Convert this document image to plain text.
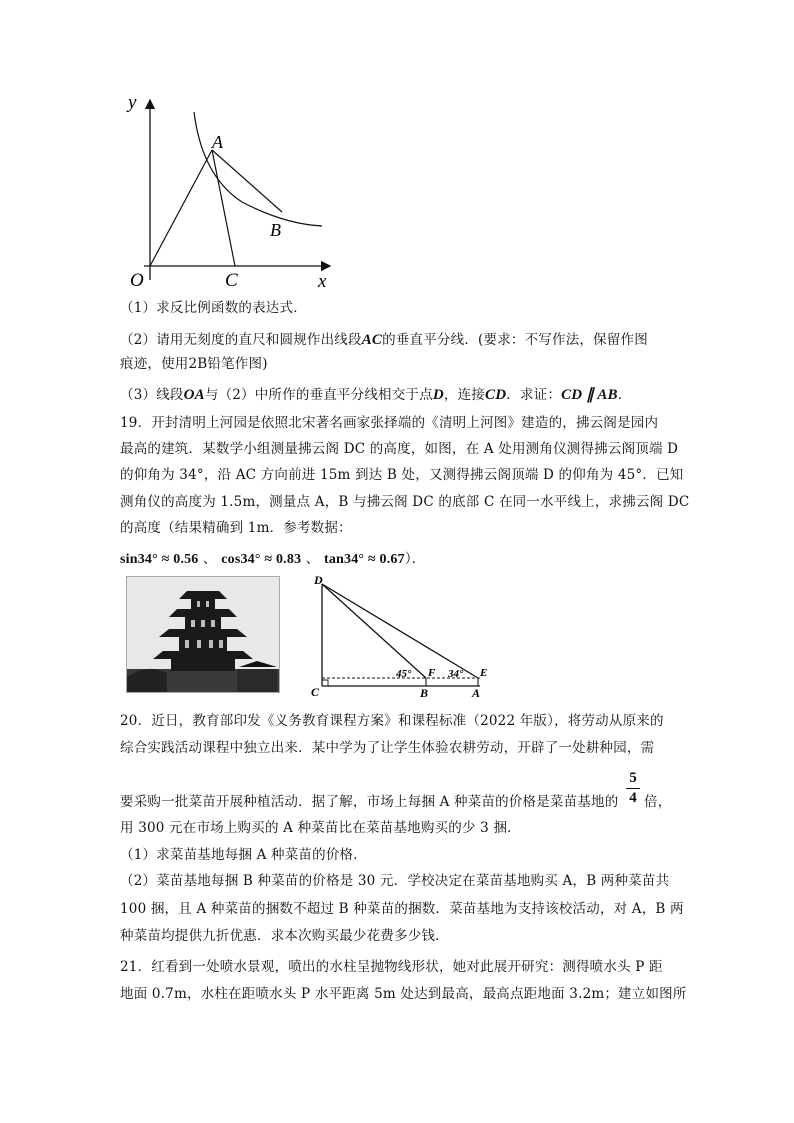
y
x
O
A
B
C
（1）求反比例函数的表达式．
（2）请用无刻度的直尺和圆规作出线段AC的垂直平分线．(要求：不写作法，保留作图
痕迹，使用2B铅笔作图)
（3）线段OA与（2）中所作的垂直平分线相交于点D，连接CD．求证：CD ∥ AB．
19．开封清明上河园是依照北宋著名画家张择端的《清明上河图》建造的，拂云阁是园内
最高的建筑．某数学小组测量拂云阁 DC 的高度，如图，在 A 处用测角仪测得拂云阁顶端 D
的仰角为 34°，沿 AC 方向前进 15m 到达 B 处，又测得拂云阁顶端 D 的仰角为 45°．已知
测角仪的高度为 1.5m，测量点 A，B 与拂云阁 DC 的底部 C 在同一水平线上，求拂云阁 DC
的高度（结果精确到 1m．参考数据：
sin34° ≈ 0.56 、 cos34° ≈ 0.83 、 tan34° ≈ 0.67）．
D
C	B	A
E
F
45°	34°
20．近日，教育部印发《义务教育课程方案》和课程标准（2022 年版），将劳动从原来的
综合实践活动课程中独立出来．某中学为了让学生体验农耕劳动，开辟了一处耕种园，需
要采购一批菜苗开展种植活动．据了解，市场上每捆 A 种菜苗的价格是菜苗基地的
5
4 倍，
用 300 元在市场上购买的 A 种菜苗比在菜苗基地购买的少 3 捆．
（1）求菜苗基地每捆 A 种菜苗的价格．
（2）菜苗基地每捆 B 种菜苗的价格是 30 元．学校决定在菜苗基地购买 A，B 两种菜苗共
100 捆，且 A 种菜苗的捆数不超过 B 种菜苗的捆数．菜苗基地为支持该校活动，对 A，B 两
种菜苗均提供九折优惠．求本次购买最少花费多少钱．
21．红看到一处喷水景观，喷出的水柱呈抛物线形状，她对此展开研究：测得喷水头 P 距
地面 0.7m，水柱在距喷水头 P 水平距离 5m 处达到最高，最高点距地面 3.2m；建立如图所
